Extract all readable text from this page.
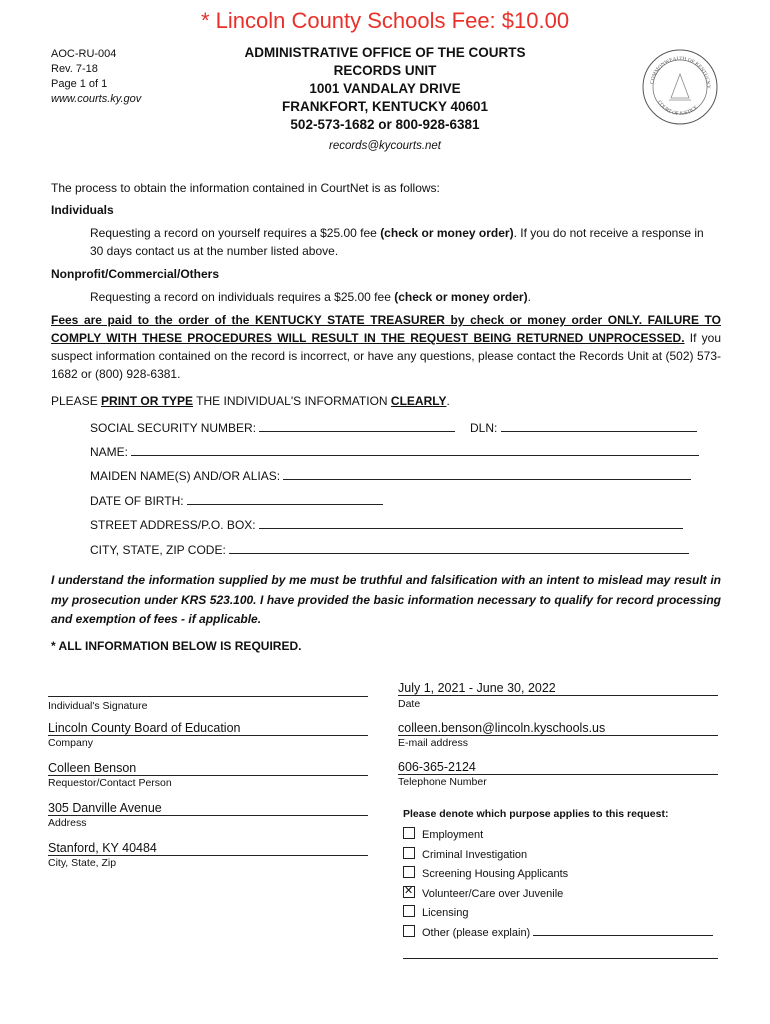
* Lincoln County Schools Fee: $10.00
AOC-RU-004
Rev. 7-18
Page 1 of 1
www.courts.ky.gov
ADMINISTRATIVE OFFICE OF THE COURTS
RECORDS UNIT
1001 VANDALAY DRIVE
FRANKFORT, KENTUCKY 40601
502-573-1682 or 800-928-6381
records@kycourts.net
COMMONWEALTH OF KENTUCKY
COURT OF JUSTICE
The process to obtain the information contained in CourtNet is as follows:
Individuals
Requesting a record on yourself requires a $25.00 fee (check or money order). If you do not receive a response in 30 days contact us at the number listed above.
Nonprofit/Commercial/Others
Requesting a record on individuals requires a $25.00 fee (check or money order).
Fees are paid to the order of the KENTUCKY STATE TREASURER by check or money order ONLY. FAILURE TO COMPLY WITH THESE PROCEDURES WILL RESULT IN THE REQUEST BEING RETURNED UNPROCESSED. If you suspect information contained on the record is incorrect, or have any questions, please contact the Records Unit at (502) 573-1682 or (800) 928-6381.
PLEASE PRINT OR TYPE THE INDIVIDUAL'S INFORMATION CLEARLY.
SOCIAL SECURITY NUMBER:	DLN:
NAME:
MAIDEN NAME(S) AND/OR ALIAS:
DATE OF BIRTH:
STREET ADDRESS/P.O. BOX:
CITY, STATE, ZIP CODE:
I understand the information supplied by me must be truthful and falsification with an intent to mislead may result in my prosecution under KRS 523.100. I have provided the basic information necessary to qualify for record processing and exemption of fees - if applicable.
* ALL INFORMATION BELOW IS REQUIRED.
Individual's Signature
Lincoln County Board of Education
Company
Colleen Benson
Requestor/Contact Person
305 Danville Avenue
Address
Stanford, KY 40484
City, State, Zip
July 1, 2021 - June 30, 2022
Date
colleen.benson@lincoln.kyschools.us
E-mail address
606-365-2124
Telephone Number
Please denote which purpose applies to this request:
Employment
Criminal Investigation
Screening Housing Applicants
✕Volunteer/Care over Juvenile
Licensing
Other (please explain)
